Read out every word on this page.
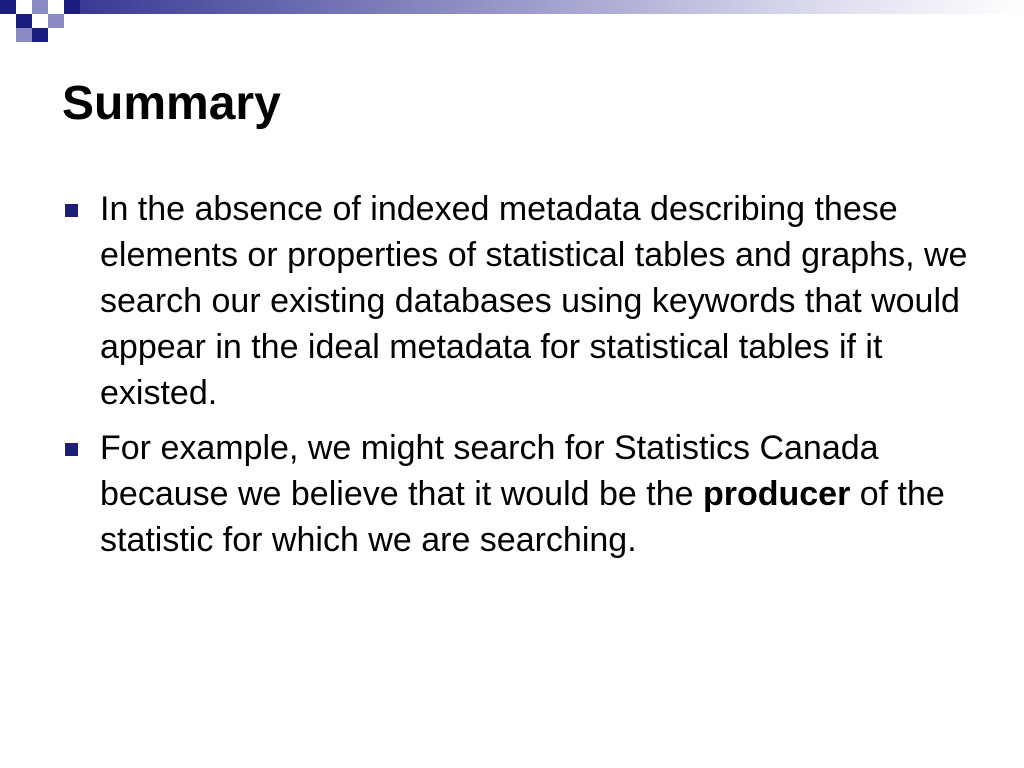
Summary
In the absence of indexed metadata describing these elements or properties of statistical tables and graphs, we search our existing databases using keywords that would appear in the ideal metadata for statistical tables if it existed.
For example, we might search for Statistics Canada because we believe that it would be the producer of the statistic for which we are searching.
